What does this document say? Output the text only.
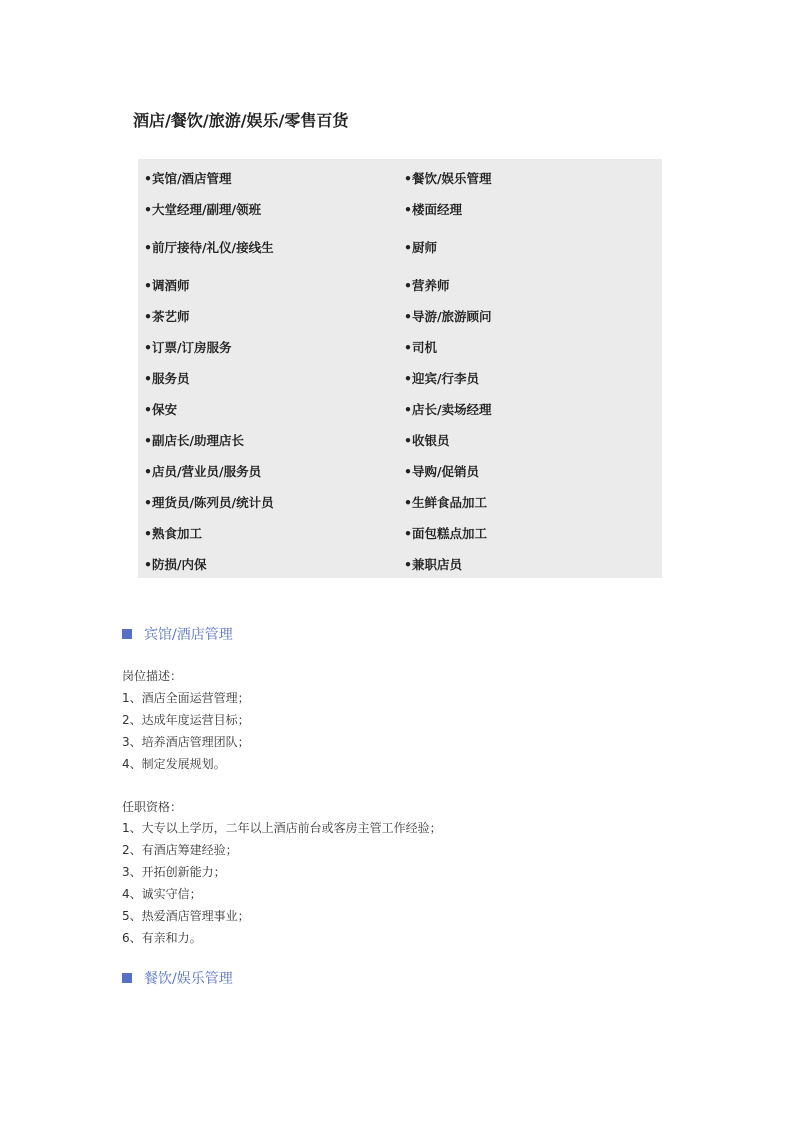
酒店/餐饮/旅游/娱乐/零售百货
•宾馆/酒店管理
•大堂经理/副理/领班
•前厅接待/礼仪/接线生
•调酒师
•茶艺师
•订票/订房服务
•服务员
•保安
•副店长/助理店长
•店员/营业员/服务员
•理货员/陈列员/统计员
•熟食加工
•防损/内保
•餐饮/娱乐管理
•楼面经理
•厨师
•营养师
•导游/旅游顾问
•司机
•迎宾/行李员
•店长/卖场经理
•收银员
•导购/促销员
•生鲜食品加工
•面包糕点加工
•兼职店员
宾馆/酒店管理
岗位描述：
1、酒店全面运营管理；
2、达成年度运营目标；
3、培养酒店管理团队；
4、制定发展规划。
任职资格：
1、大专以上学历，二年以上酒店前台或客房主管工作经验；
2、有酒店筹建经验；
3、开拓创新能力；
4、诚实守信；
5、热爱酒店管理事业；
6、有亲和力。
餐饮/娱乐管理
